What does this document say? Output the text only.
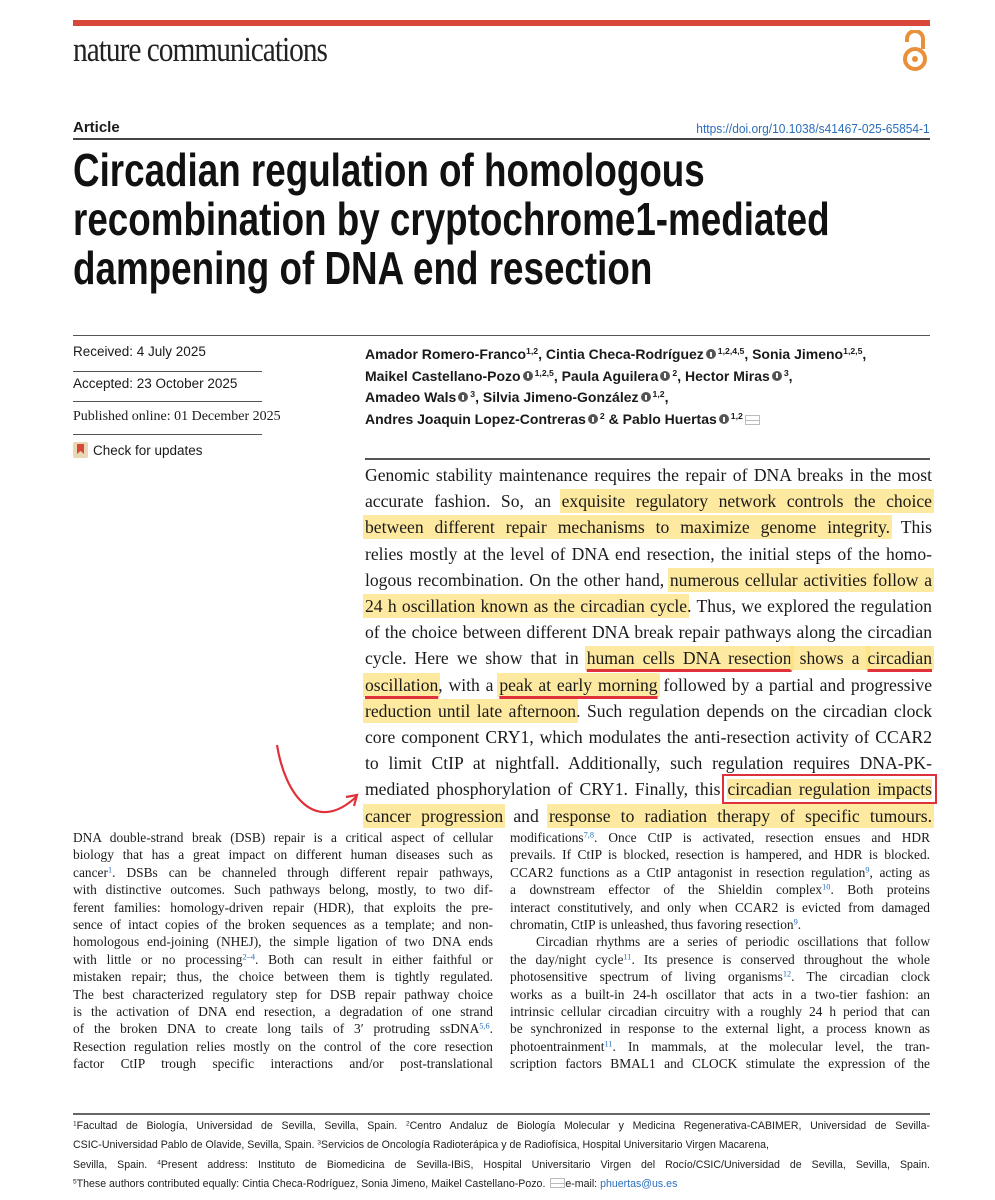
nature communications
Article	https://doi.org/10.1038/s41467-025-65854-1
Circadian regulation of homologous
recombination by cryptochrome1-mediated
dampening of DNA end resection
Received: 4 July 2025
Accepted: 23 October 2025
Published online: 01 December 2025
Check for updates
Amador Romero-Franco$^{1,2}$, Cintia Checa-Rodríguez $^{1,2,4,5}$, Sonia Jimeno$^{1,2,5}$,
Maikel Castellano-Pozo $^{1,2,5}$, Paula Aguilera $^2$, Hector Miras $^3$,
Amadeo Wals $^3$, Silvia Jimeno-González $^{1,2}$,
Andres Joaquin Lopez-Contreras $^2$ & Pablo Huertas $^{1,2}$
Genomic stability maintenance requires the repair of DNA breaks in the most
accurate fashion. So, an exquisite regulatory network controls the choice
between different repair mechanisms to maximize genome integrity. This
relies mostly at the level of DNA end resection, the initial steps of the homo-
logous recombination. On the other hand, numerous cellular activities follow a
24 h oscillation known as the circadian cycle. Thus, we explored the regulation
of the choice between different DNA break repair pathways along the circadian
cycle. Here we show that in human cells DNA resection shows a circadian
oscillation, with a peak at early morning followed by a partial and progressive
reduction until late afternoon. Such regulation depends on the circadian clock
core component CRY1, which modulates the anti-resection activity of CCAR2
to limit CtIP at nightfall. Additionally, such regulation requires DNA-PK-
mediated phosphorylation of CRY1. Finally, this circadian regulation impacts
cancer progression and response to radiation therapy of specific tumours.
DNA double-strand break (DSB) repair is a critical aspect of cellular
biology that has a great impact on different human diseases such as
cancer$^1$. DSBs can be channeled through different repair pathways,
with distinctive outcomes. Such pathways belong, mostly, to two dif-
ferent families: homology-driven repair (HDR), that exploits the pre-
sence of intact copies of the broken sequences as a template; and non-
homologous end-joining (NHEJ), the simple ligation of two DNA ends
with little or no processing$^{2-4}$. Both can result in either faithful or
mistaken repair; thus, the choice between them is tightly regulated.
The best characterized regulatory step for DSB repair pathway choice
is the activation of DNA end resection, a degradation of one strand
of the broken DNA to create long tails of 3′ protruding ssDNA$^{5,6}$.
Resection regulation relies mostly on the control of the core resection
factor CtIP trough specific interactions and/or post-translational
modifications$^{7,8}$. Once CtIP is activated, resection ensues and HDR
prevails. If CtIP is blocked, resection is hampered, and HDR is blocked.
CCAR2 functions as a CtIP antagonist in resection regulation$^9$, acting as
a downstream effector of the Shieldin complex$^{10}$. Both proteins
interact constitutively, and only when CCAR2 is evicted from damaged
chromatin, CtIP is unleashed, thus favoring resection$^9$.
Circadian rhythms are a series of periodic oscillations that follow
the day/night cycle$^{11}$. Its presence is conserved throughout the whole
photosensitive spectrum of living organisms$^{12}$. The circadian clock
works as a built-in 24-h oscillator that acts in a two-tier fashion: an
intrinsic cellular circadian circuitry with a roughly 24 h period that can
be synchronized in response to the external light, a process known as
photoentrainment$^{11}$. In mammals, at the molecular level, the tran-
scription factors BMAL1 and CLOCK stimulate the expression of the
$^1$Facultad de Biología, Universidad de Sevilla, Sevilla, Spain. $^2$Centro Andaluz de Biología Molecular y Medicina Regenerativa-CABIMER, Universidad de Sevilla-
CSIC-Universidad Pablo de Olavide, Sevilla, Spain. $^3$Servicios de Oncología Radioterápica y de Radiofísica, Hospital Universitario Virgen Macarena,
Sevilla, Spain. $^4$Present address: Instituto de Biomedicina de Sevilla-IBiS, Hospital Universitario Virgen del Rocío/CSIC/Universidad de Sevilla, Sevilla, Spain.
$^5$These authors contributed equally: Cintia Checa-Rodríguez, Sonia Jimeno, Maikel Castellano-Pozo. e-mail: phuertas@us.es
